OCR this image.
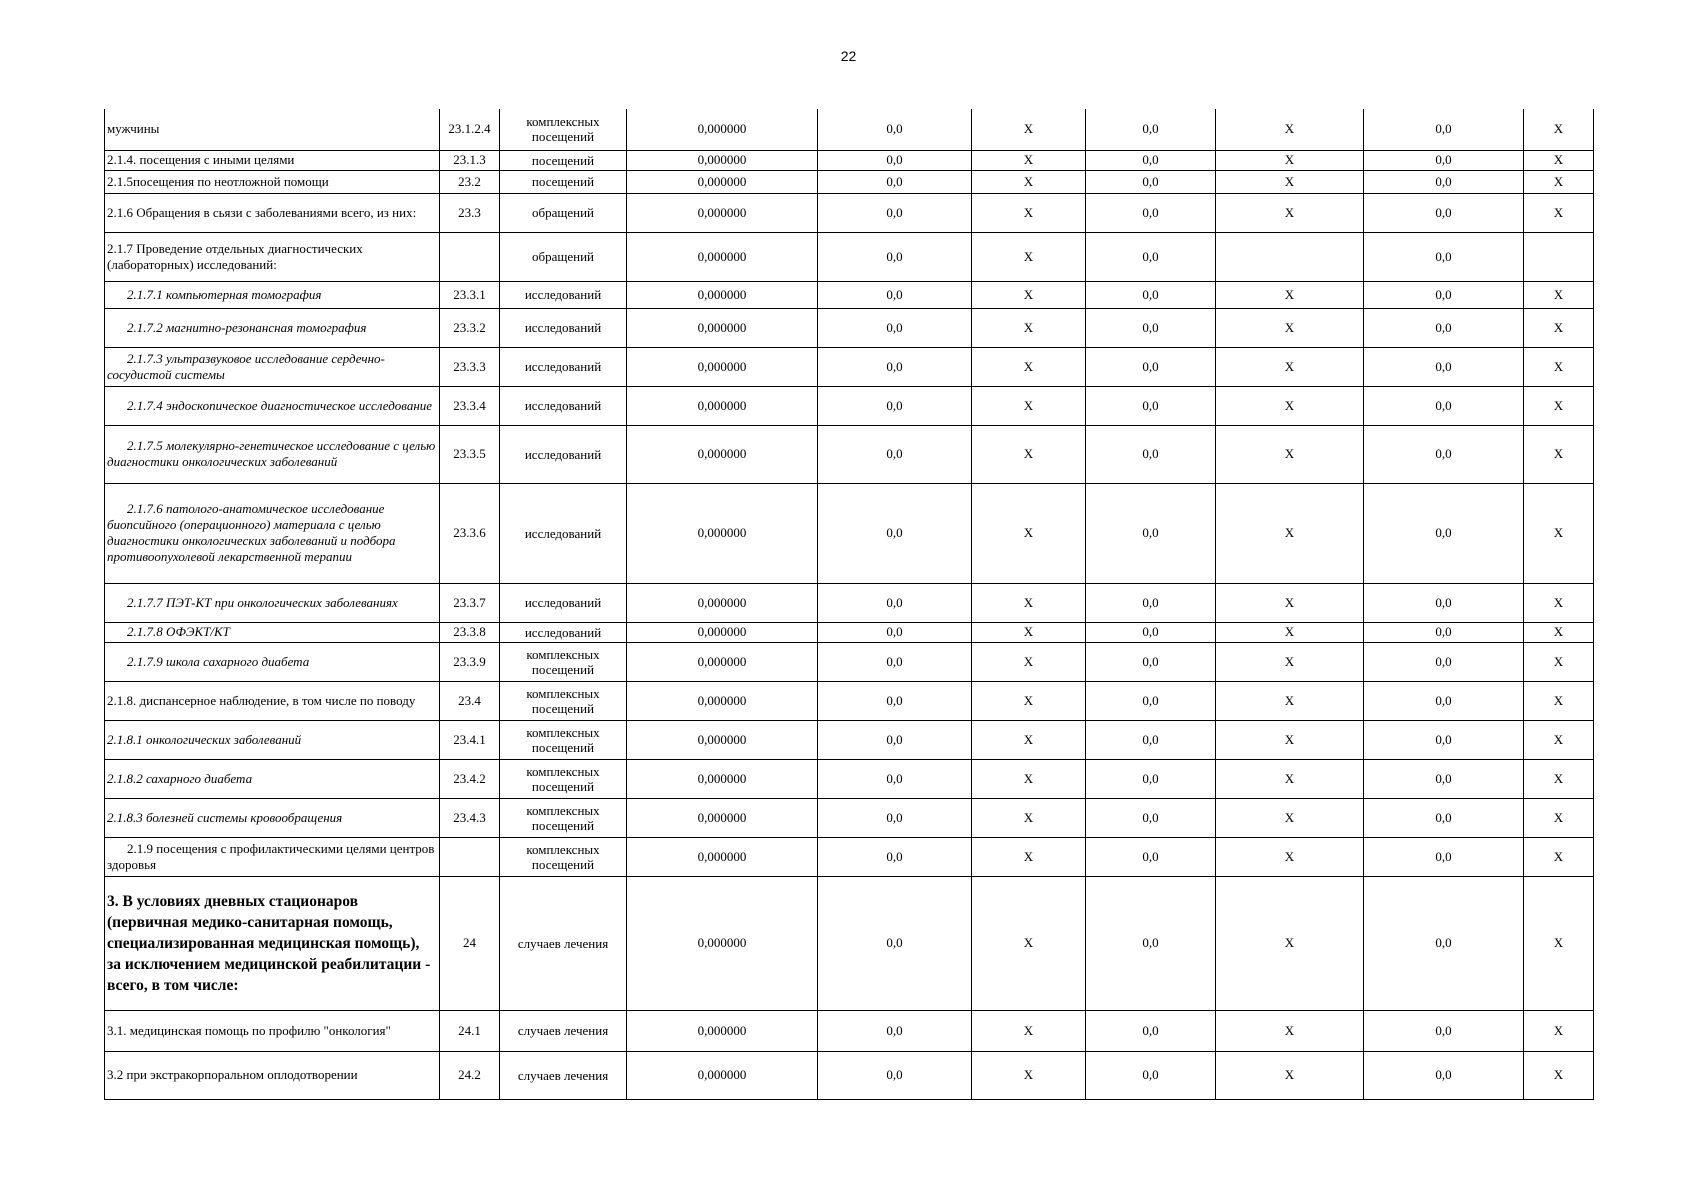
22
мужчины	23.1.2.4	комплексных посещений	0,000000	0,0	X	0,0	X	0,0	X
2.1.4. посещения с иными целями	23.1.3	посещений	0,000000	0,0	X	0,0	X	0,0	X
2.1.5посещения по неотложной помощи	23.2	посещений	0,000000	0,0	X	0,0	X	0,0	X
2.1.6 Обращения в сьязи с заболеваниями всего, из них:	23.3	обращений	0,000000	0,0	X	0,0	X	0,0	X
2.1.7 Проведение отдельных диагностических (лабораторных) исследований:		обращений	0,000000	0,0	X	0,0		0,0	
2.1.7.1 компьютерная томография	23.3.1	исследований	0,000000	0,0	X	0,0	X	0,0	X
2.1.7.2 магнитно-резонансная томография	23.3.2	исследований	0,000000	0,0	X	0,0	X	0,0	X
2.1.7.3 ультразвуковое исследование сердечно-сосудистой системы	23.3.3	исследований	0,000000	0,0	X	0,0	X	0,0	X
2.1.7.4 эндоскопическое диагностическое исследование	23.3.4	исследований	0,000000	0,0	X	0,0	X	0,0	X
2.1.7.5 молекулярно-генетическое исследование с целью диагностики онкологических заболеваний	23.3.5	исследований	0,000000	0,0	X	0,0	X	0,0	X
2.1.7.6 патолого-анатомическое исследование биопсийного (операционного) материала с целью диагностики онкологических заболеваний и подбора противоопухолевой лекарственной терапии	23.3.6	исследований	0,000000	0,0	X	0,0	X	0,0	X
2.1.7.7 ПЭТ-КТ при онкологических заболеваниях	23.3.7	исследований	0,000000	0,0	X	0,0	X	0,0	X
2.1.7.8 ОФЭКТ/КТ	23.3.8	исследований	0,000000	0,0	X	0,0	X	0,0	X
2.1.7.9 школа сахарного диабета	23.3.9	комплексных посещений	0,000000	0,0	X	0,0	X	0,0	X
2.1.8. диспансерное наблюдение, в том числе по поводу	23.4	комплексных посещений	0,000000	0,0	X	0,0	X	0,0	X
2.1.8.1 онкологических заболеваний	23.4.1	комплексных посещений	0,000000	0,0	X	0,0	X	0,0	X
2.1.8.2 сахарного диабета	23.4.2	комплексных посещений	0,000000	0,0	X	0,0	X	0,0	X
2.1.8.3 болезней системы кровообращения	23.4.3	комплексных посещений	0,000000	0,0	X	0,0	X	0,0	X
2.1.9 посещения с профилактическими целями центров здоровья		комплексных посещений	0,000000	0,0	X	0,0	X	0,0	X
3. В условиях дневных стационаров (первичная медико-санитарная помощь, специализированная медицинская помощь), за исключением медицинской реабилитации - всего, в том числе:	24	случаев лечения	0,000000	0,0	X	0,0	X	0,0	X
3.1. медицинская помощь по профилю "онкология"	24.1	случаев лечения	0,000000	0,0	X	0,0	X	0,0	X
3.2 при экстракорпоральном оплодотворении	24.2	случаев лечения	0,000000	0,0	X	0,0	X	0,0	X
